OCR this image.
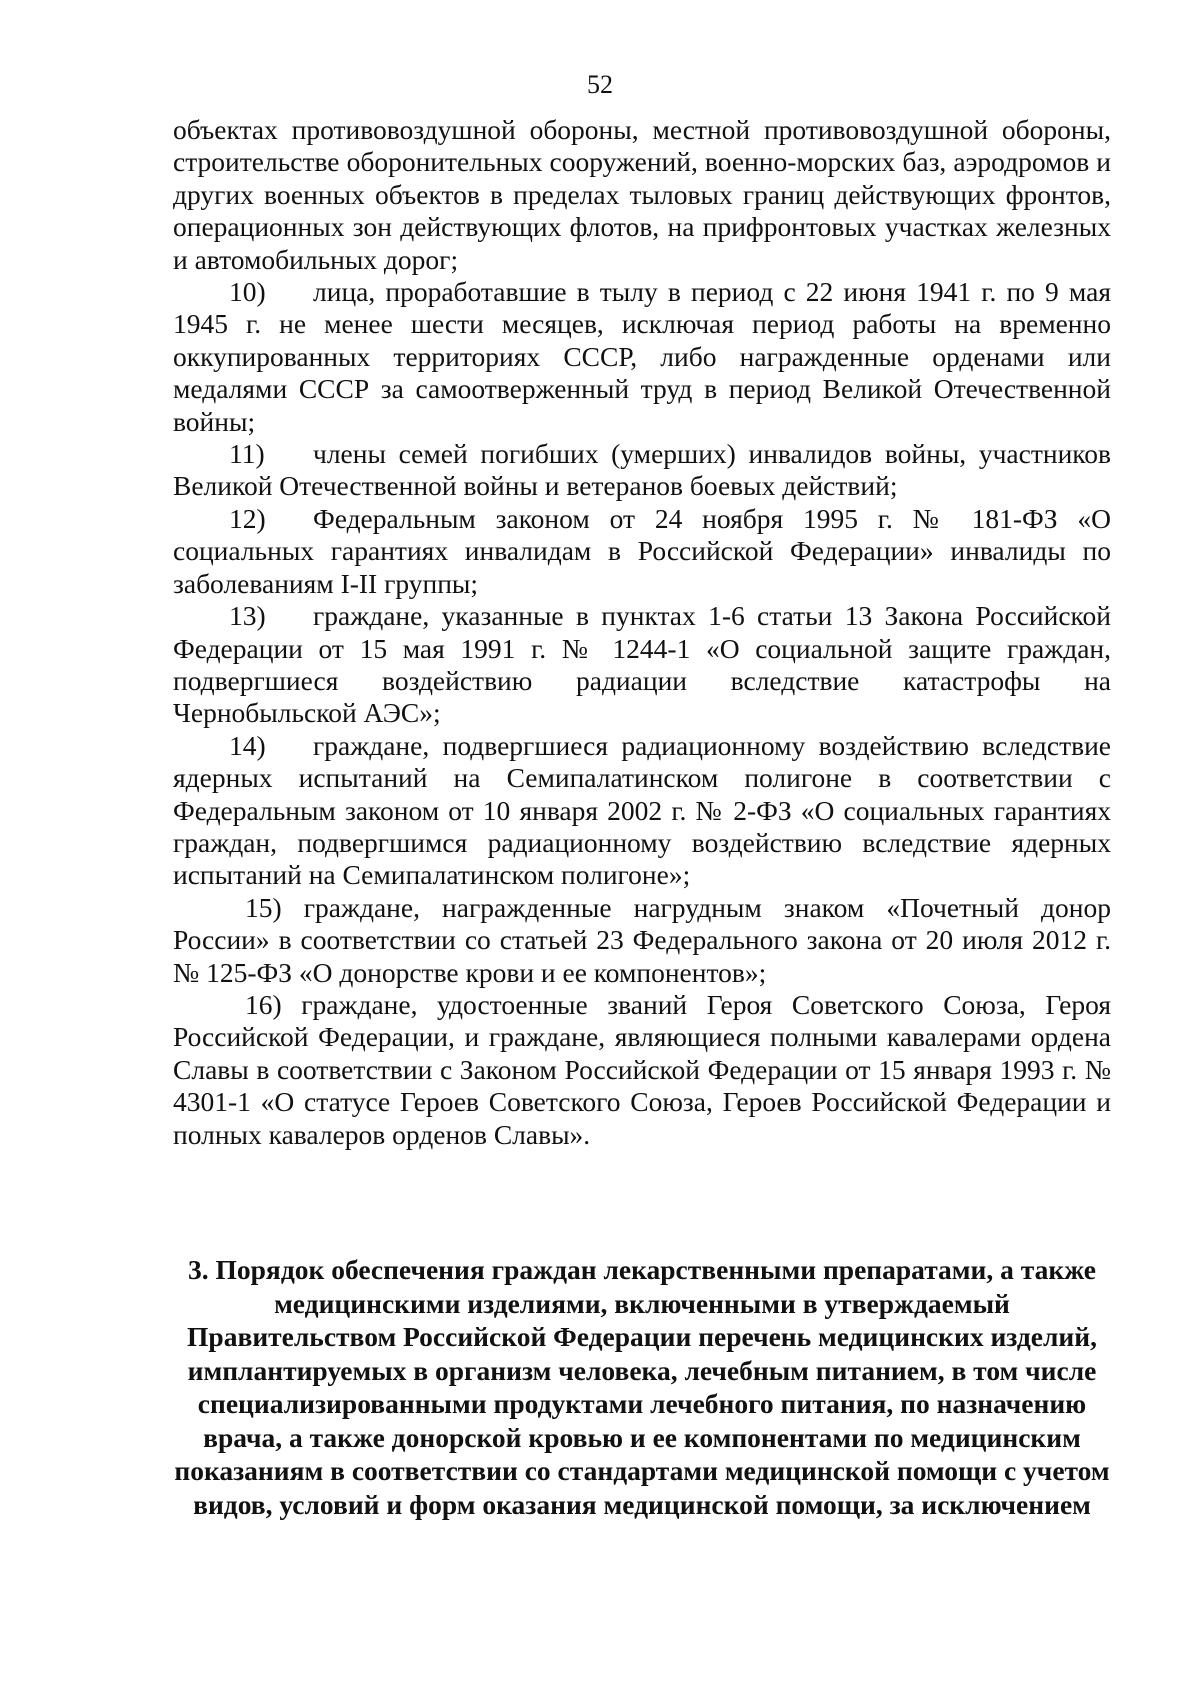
52

объектах противовоздушной обороны, местной противовоздушной обороны, строительстве оборонительных сооружений, военно-морских баз, аэродромов и других военных объектов в пределах тыловых границ действующих фронтов, операционных зон действующих флотов, на прифронтовых участках железных и автомобильных дорог;

10) лица, проработавшие в тылу в период с 22 июня 1941 г. по 9 мая 1945 г. не менее шести месяцев, исключая период работы на временно оккупированных территориях СССР, либо награжденные орденами или медалями СССР за самоотверженный труд в период Великой Отечественной войны;

11) члены семей погибших (умерших) инвалидов войны, участников Великой Отечественной войны и ветеранов боевых действий;

12) Федеральным законом от 24 ноября 1995 г. № 181-ФЗ «О социальных гарантиях инвалидам в Российской Федерации» инвалиды по заболеваниям I-II группы;

13) граждане, указанные в пунктах 1-6 статьи 13 Закона Российской Федерации от 15 мая 1991 г. № 1244-1 «О социальной защите граждан, подвергшиеся воздействию радиации вследствие катастрофы на Чернобыльской АЭС»;

14) граждане, подвергшиеся радиационному воздействию вследствие ядерных испытаний на Семипалатинском полигоне в соответствии с Федеральным законом от 10 января 2002 г. № 2-ФЗ «О социальных гарантиях граждан, подвергшимся радиационному воздействию вследствие ядерных испытаний на Семипалатинском полигоне»;

15) граждане, награжденные нагрудным знаком «Почетный донор России» в соответствии со статьей 23 Федерального закона от 20 июля 2012 г. № 125-ФЗ «О донорстве крови и ее компонентов»;

16) граждане, удостоенные званий Героя Советского Союза, Героя Российской Федерации, и граждане, являющиеся полными кавалерами ордена Славы в соответствии с Законом Российской Федерации от 15 января 1993 г. № 4301-1 «О статусе Героев Советского Союза, Героев Российской Федерации и полных кавалеров орденов Славы».

3. Порядок обеспечения граждан лекарственными препаратами, а также медицинскими изделиями, включенными в утверждаемый Правительством Российской Федерации перечень медицинских изделий, имплантируемых в организм человека, лечебным питанием, в том числе специализированными продуктами лечебного питания, по назначению врача, а также донорской кровью и ее компонентами по медицинским показаниям в соответствии со стандартами медицинской помощи с учетом видов, условий и форм оказания медицинской помощи, за исключением
